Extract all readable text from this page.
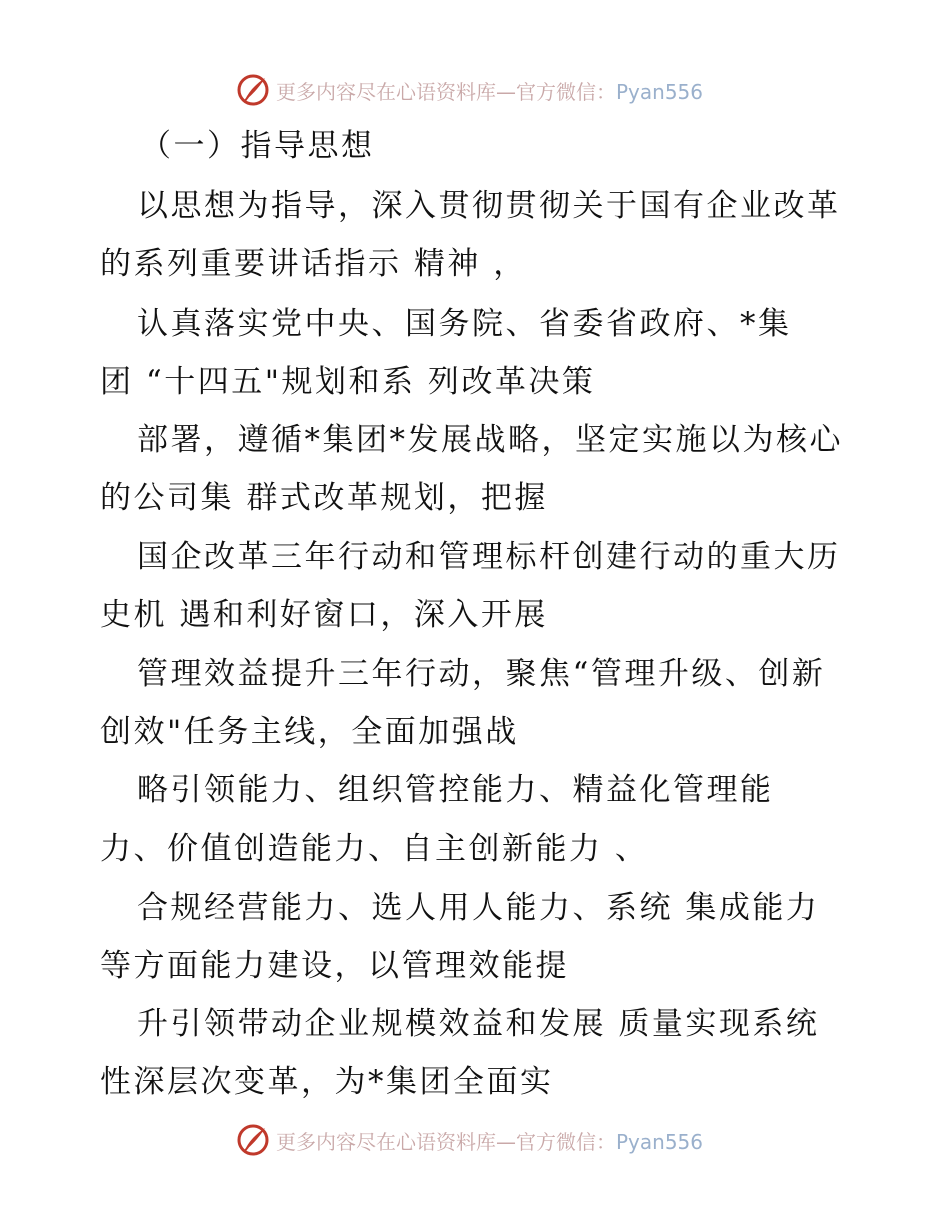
更多内容尽在心语资料库—官方微信：Pyan556
（一）指导思想
以思想为指导，深入贯彻贯彻关于国有企业改革
的系列重要讲话指示 精神 ，
认真落实党中央、国务院、省委省政府、*集
团 “十四五"规划和系 列改革决策
部署，遵循*集团*发展战略，坚定实施以为核心
的公司集 群式改革规划，把握
国企改革三年行动和管理标杆创建行动的重大历
史机 遇和利好窗口，深入开展
管理效益提升三年行动，聚焦“管理升级、创新
创效"任务主线，全面加强战
略引领能力、组织管控能力、精益化管理能
力、价值创造能力、自主创新能力 、
合规经营能力、选人用人能力、系统 集成能力
等方面能力建设，以管理效能提
升引领带动企业规模效益和发展 质量实现系统
性深层次变革，为*集团全面实
更多内容尽在心语资料库—官方微信：Pyan556
